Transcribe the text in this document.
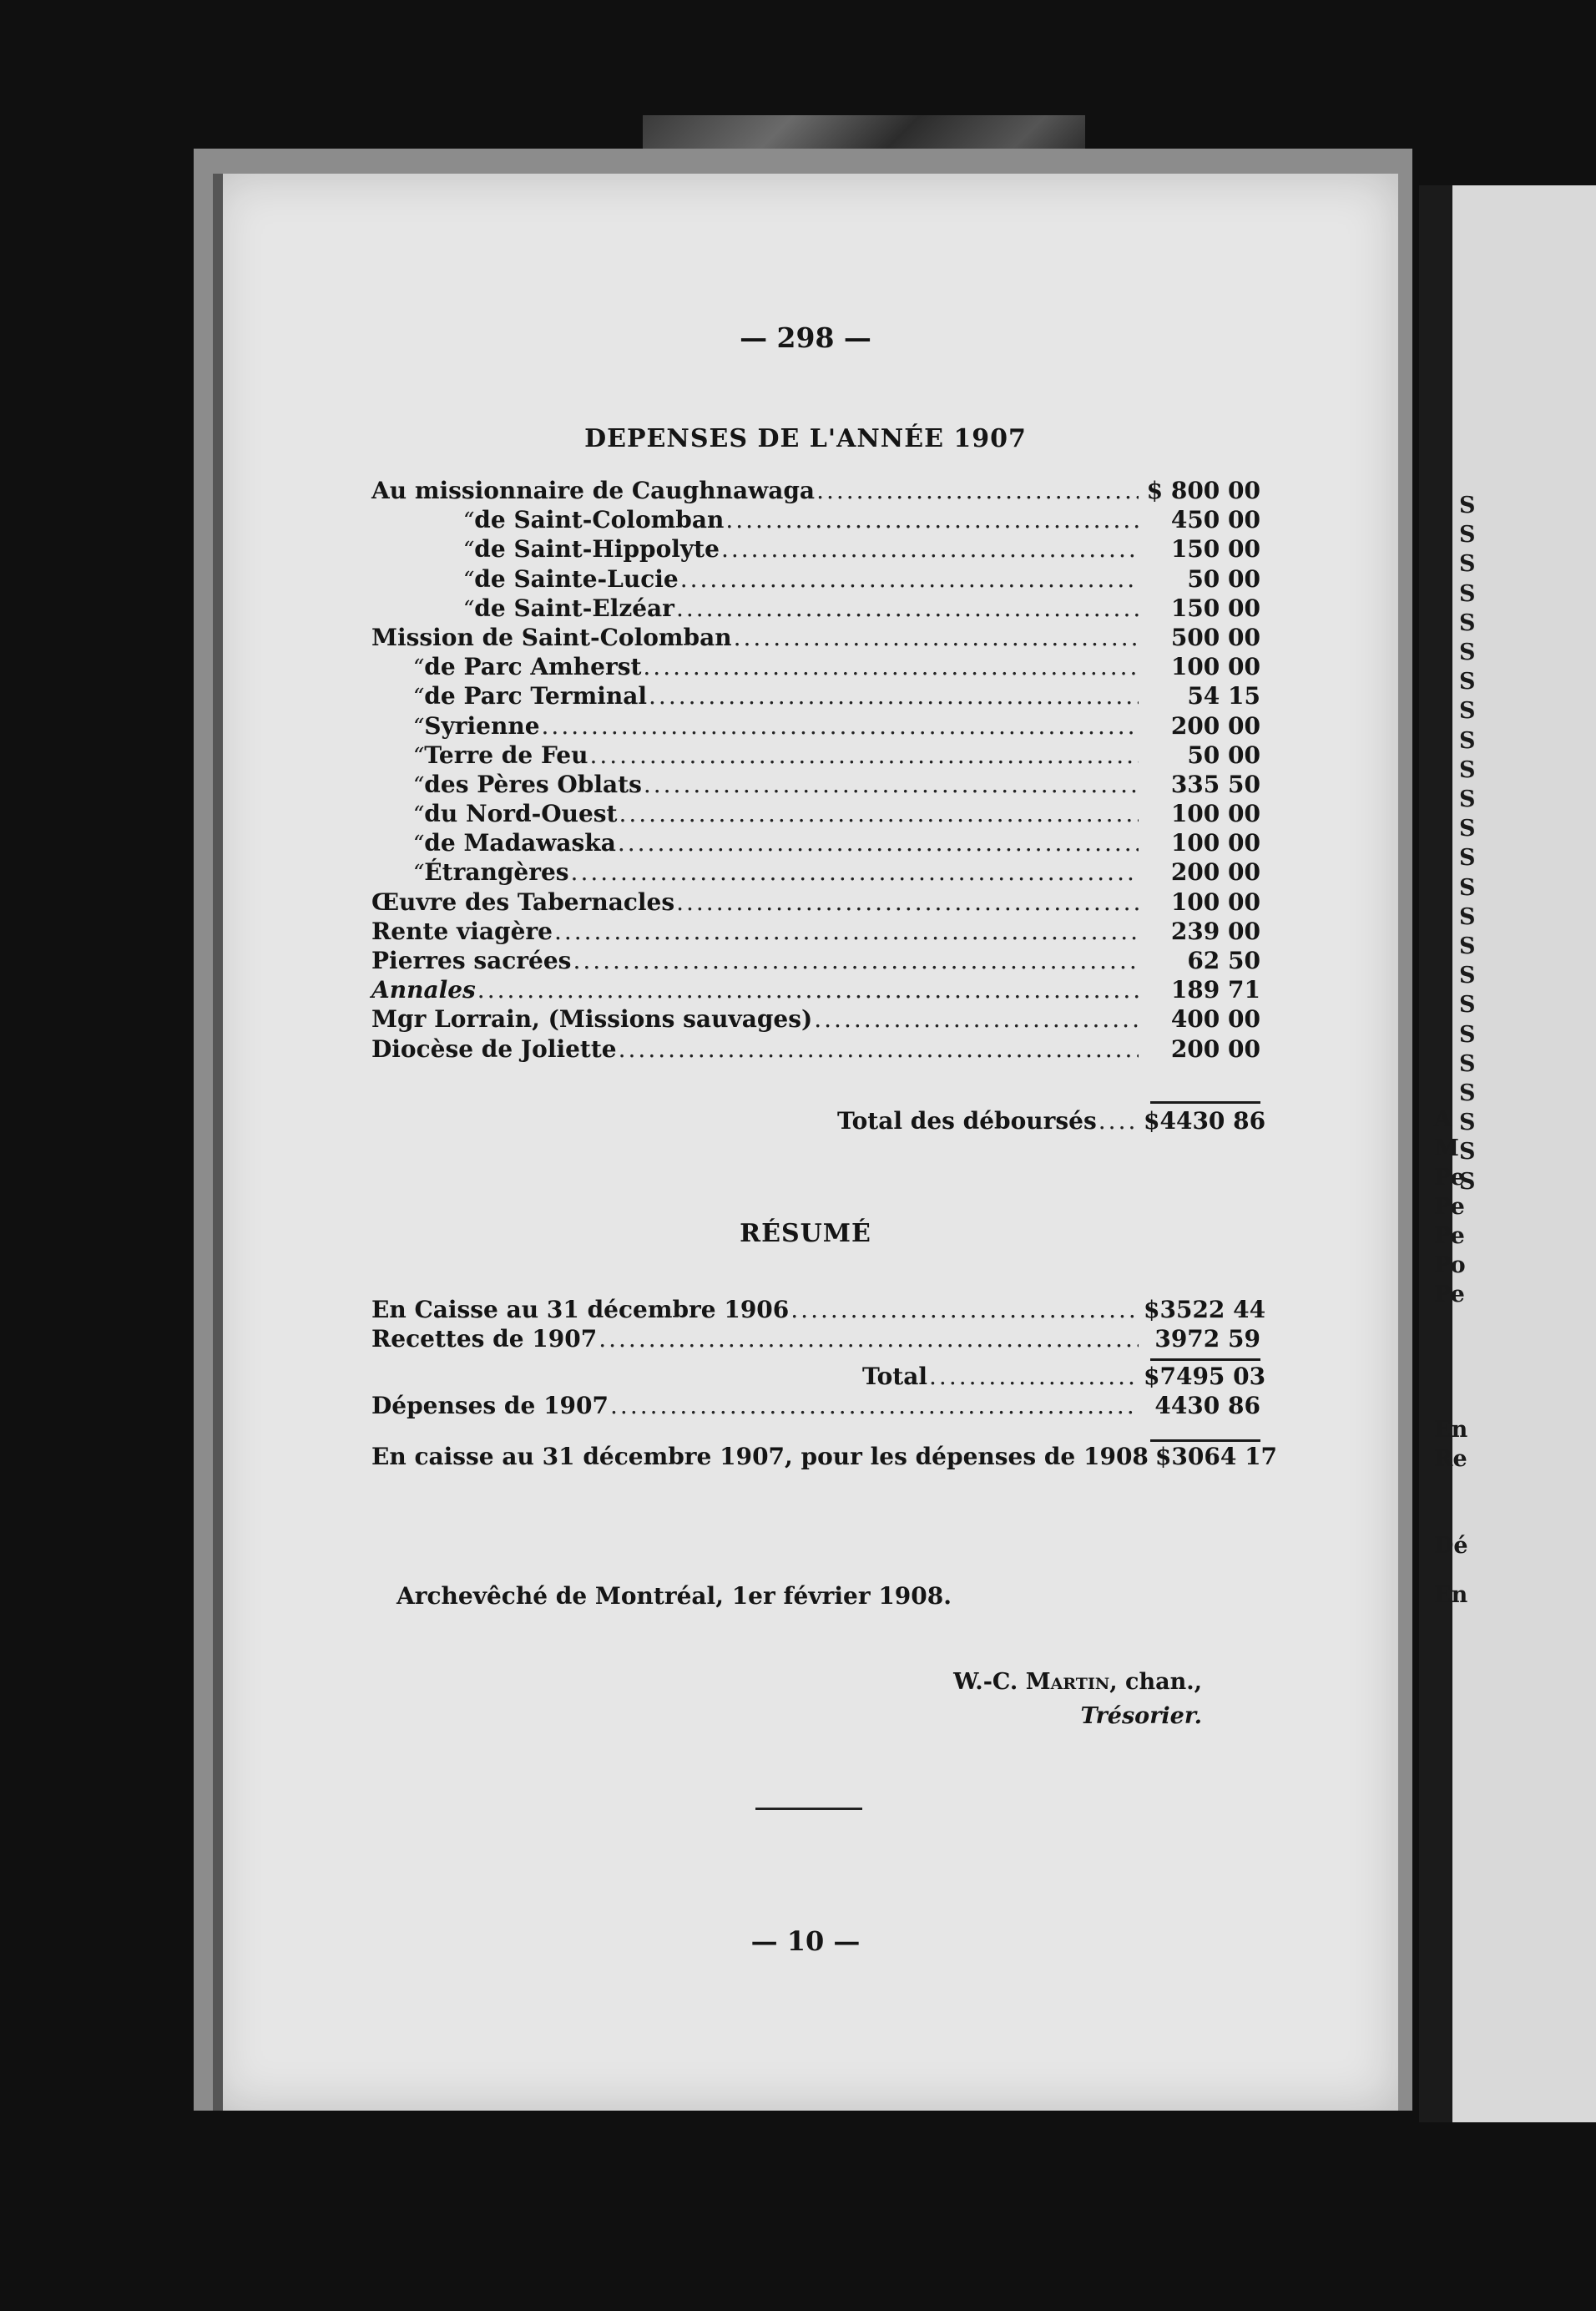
S
S
S
S
S
S
S
S
S
S
S
S
S
S
S
S
S
S
S
S
S
S
S
S
A
M
Pe
Pe
Pe
Po
Pe
En
Re
Dé
En
— 298 —
DEPENSES DE L'ANNÉE 1907
Au missionnaire de Caughnawaga .....	$ 800 00
“ de Saint-Colomban .....	450 00
“ de Saint-Hippolyte .....	150 00
“ de Sainte-Lucie .....	50 00
“ de Saint-Elzéar .....	150 00
Mission de Saint-Colomban .....	500 00
“ de Parc Amherst .....	100 00
“ de Parc Terminal .....	54 15
“ Syrienne .....	200 00
“ Terre de Feu .....	50 00
“ des Pères Oblats .....	335 50
“ du Nord-Ouest .....	100 00
“ de Madawaska .....	100 00
“ Étrangères .....	200 00
Œuvre des Tabernacles .....	100 00
Rente viagère .....	239 00
Pierres sacrées .....	62 50
Annales .....	189 71
Mgr Lorrain, (Missions sauvages) .....	400 00
Diocèse de Joliette .....	200 00
Total des déboursés ..... $4430 86
RÉSUMÉ
En Caisse au 31 décembre 1906 .....	$3522 44
Recettes de 1907 .....	3972 59
Total .....	$7495 03
Dépenses de 1907 .....	4430 86
En caisse au 31 décembre 1907, pour les dépenses de 1908 $3064 17
Archevêché de Montréal, 1er février 1908.
W.-C. Martin, chan.,
Trésorier.
— 10 —
